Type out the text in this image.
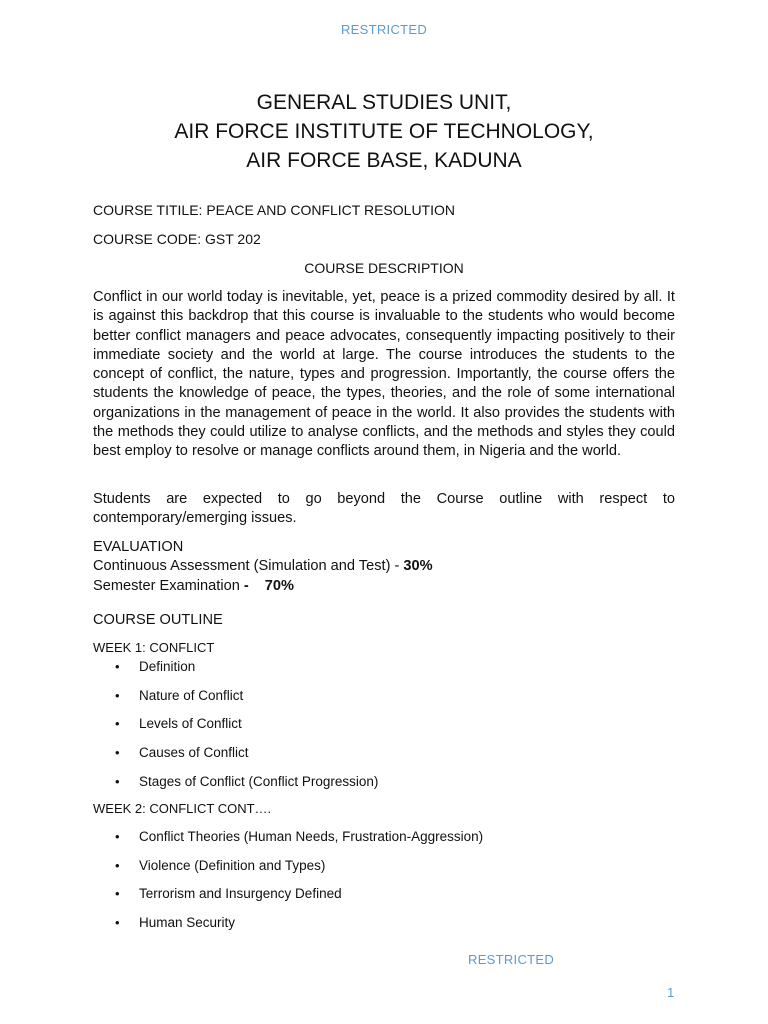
RESTRICTED
GENERAL STUDIES UNIT,
AIR FORCE INSTITUTE OF TECHNOLOGY,
AIR FORCE BASE, KADUNA
COURSE TITILE: PEACE AND CONFLICT RESOLUTION
COURSE CODE: GST 202
COURSE DESCRIPTION
Conflict in our world today is inevitable, yet, peace is a prized commodity desired by all. It is against this backdrop that this course is invaluable to the students who would become better conflict managers and peace advocates, consequently impacting positively to their immediate society and the world at large. The course introduces the students to the concept of conflict, the nature, types and progression. Importantly, the course offers the students the knowledge of peace, the types, theories, and the role of some international organizations in the management of peace in the world. It also provides the students with the methods they could utilize to analyse conflicts, and the methods and styles they could best employ to resolve or manage conflicts around them, in Nigeria and the world.
Students are expected to go beyond the Course outline with respect to contemporary/emerging issues.
EVALUATION
Continuous Assessment (Simulation and Test) - 30%
Semester Examination - 70%
COURSE OUTLINE
WEEK 1: CONFLICT
• Definition
• Nature of Conflict
• Levels of Conflict
• Causes of Conflict
• Stages of Conflict (Conflict Progression)
WEEK 2: CONFLICT CONT….
• Conflict Theories (Human Needs, Frustration-Aggression)
• Violence (Definition and Types)
• Terrorism and Insurgency Defined
• Human Security
RESTRICTED
1
